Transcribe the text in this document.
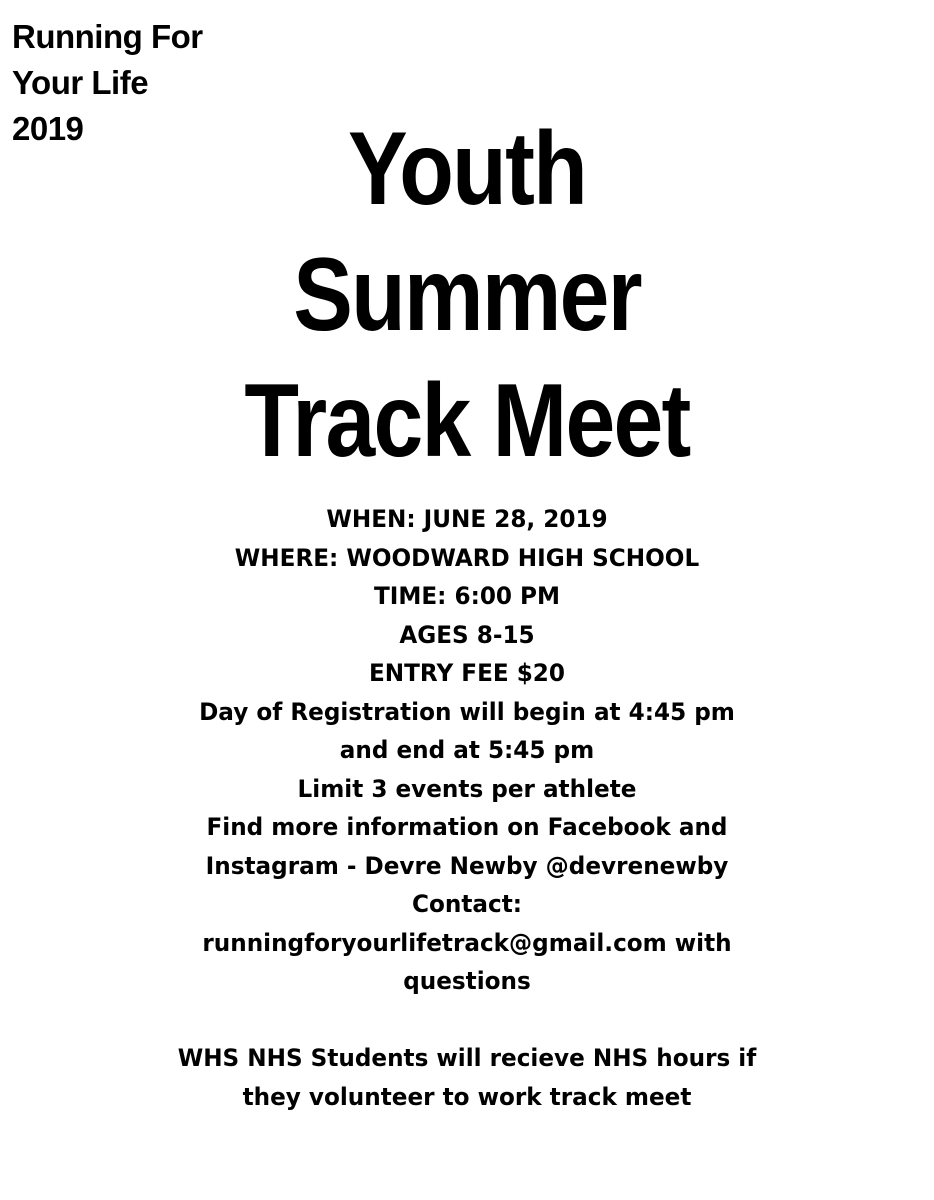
Running For
Your Life
2019	Youth
Summer
Track Meet
WHEN: JUNE 28, 2019
WHERE: WOODWARD HIGH SCHOOL
TIME: 6:00 PM
AGES 8-15
ENTRY FEE $20
Day of Registration will begin at 4:45 pm
and end at 5:45 pm
Limit 3 events per athlete
Find more information on Facebook and
Instagram - Devre Newby @devrenewby
Contact:
runningforyourlifetrack@gmail.com with
questions
WHS NHS Students will recieve NHS hours if
they volunteer to work track meet
